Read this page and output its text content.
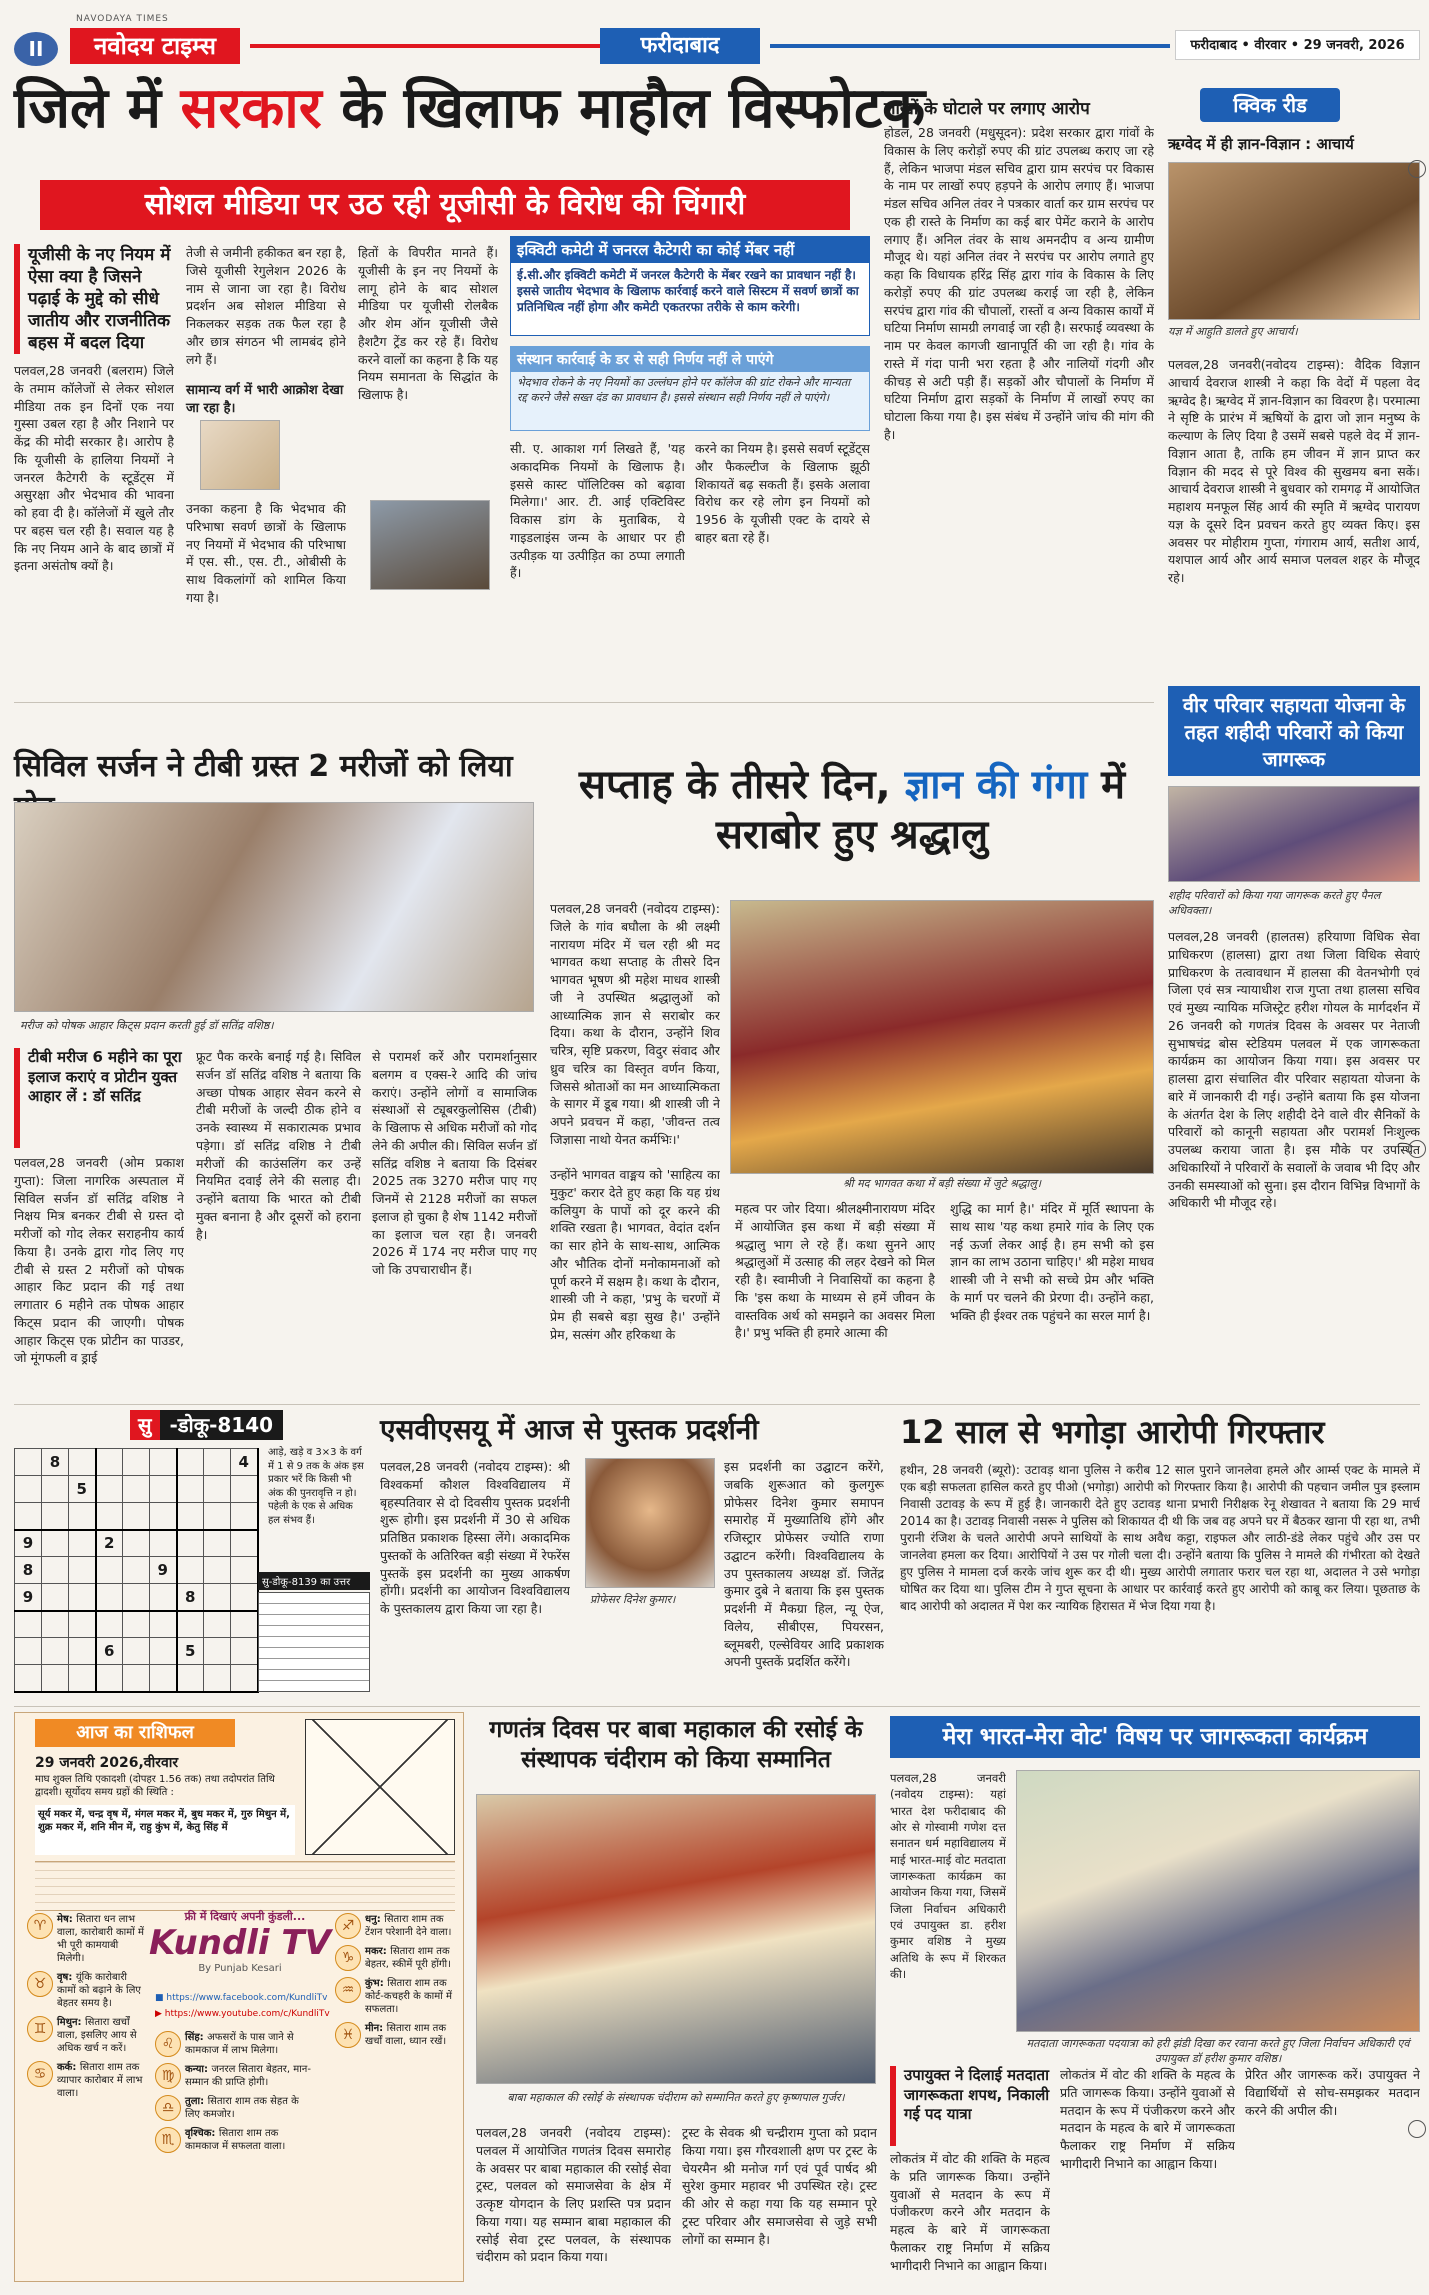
II
NAVODAYA TIMES
नवोदय टाइम्स	फरीदाबाद	फरीदाबाद • वीरवार • 29 जनवरी, 2026
जिले में सरकार के खिलाफ माहौल विस्फोटक
सोशल मीडिया पर उठ रही यूजीसी के विरोध की चिंगारी
यूजीसी के नए नियम में ऐसा क्या है जिसने पढ़ाई के मुद्दे को सीधे जातीय और राजनीतिक बहस में बदल दिया
पलवल,28 जनवरी (बलराम) जिले के तमाम कॉलेजों से लेकर सोशल मीडिया तक इन दिनों एक नया गुस्सा उबल रहा है और निशाने पर केंद्र की मोदी सरकार है। आरोप है कि यूजीसी के हालिया नियमों ने जनरल कैटेगरी के स्टूडेंट्स में असुरक्षा और भेदभाव की भावना को हवा दी है। कॉलेजों में खुले तौर पर बहस चल रही है। सवाल यह है कि नए नियम आने के बाद छात्रों में इतना असंतोष क्यों है।
तेजी से जमीनी हकीकत बन रहा है, जिसे यूजीसी रेगुलेशन 2026 के नाम से जाना जा रहा है। विरोध प्रदर्शन अब सोशल मीडिया से निकलकर सड़क तक फैल रहा है और छात्र संगठन भी लामबंद होने लगे हैं।
सामान्य वर्ग में भारी आक्रोश देखा जा रहा है।
उनका कहना है कि भेदभाव की परिभाषा सवर्ण छात्रों के खिलाफ नए नियमों में भेदभाव की परिभाषा में एस. सी., एस. टी., ओबीसी के साथ विकलांगों को शामिल किया गया है।
हितों के विपरीत मानते हैं। यूजीसी के इन नए नियमों के लागू होने के बाद सोशल मीडिया पर यूजीसी रोलबैक और शेम ऑन यूजीसी जैसे हैशटैग ट्रेंड कर रहे हैं। विरोध करने वालों का कहना है कि यह नियम समानता के सिद्धांत के खिलाफ है।
इक्विटी कमेटी में जनरल कैटेगरी का कोई मेंबर नहीं
ई.सी.और इक्विटी कमेटी में जनरल कैटेगरी के मेंबर रखने का प्रावधान नहीं है। इससे जातीय भेदभाव के खिलाफ कार्रवाई करने वाले सिस्टम में सवर्ण छात्रों का प्रतिनिधित्व नहीं होगा और कमेटी एकतरफा तरीके से काम करेगी।
संस्थान कार्रवाई के डर से सही निर्णय नहीं ले पाएंगे
भेदभाव रोकने के नए नियमों का उल्लंघन होने पर कॉलेज की ग्रांट रोकने और मान्यता रद्द करने जैसे सख्त दंड का प्रावधान है। इससे संस्थान सही निर्णय नहीं ले पाएंगे।
सी. ए. आकाश गर्ग लिखते हैं, 'यह अकादमिक नियमों के खिलाफ है। इससे कास्ट पॉलिटिक्स को बढ़ावा मिलेगा।' आर. टी. आई एक्टिविस्ट विकास डांग के मुताबिक, ये गाइडलाइंस जन्म के आधार पर ही उत्पीड़क या उत्पीड़ित का ठप्पा लगाती हैं।
करने का नियम है। इससे सवर्ण स्टूडेंट्स और फैकल्टीज के खिलाफ झूठी शिकायतें बढ़ सकती हैं। इसके अलावा विरोध कर रहे लोग इन नियमों को 1956 के यूजीसी एक्ट के दायरे से बाहर बता रहे हैं।
लाखों के घोटाले पर लगाए आरोप
होडल, 28 जनवरी (मधुसूदन): प्रदेश सरकार द्वारा गांवों के विकास के लिए करोड़ों रुपए की ग्रांट उपलब्ध कराए जा रहे हैं, लेकिन भाजपा मंडल सचिव द्वारा ग्राम सरपंच पर विकास के नाम पर लाखों रुपए हड़पने के आरोप लगाए हैं। भाजपा मंडल सचिव अनिल तंवर ने पत्रकार वार्ता कर ग्राम सरपंच पर एक ही रास्ते के निर्माण का कई बार पेमेंट कराने के आरोप लगाए हैं। अनिल तंवर के साथ अमनदीप व अन्य ग्रामीण मौजूद थे। यहां अनिल तंवर ने सरपंच पर आरोप लगाते हुए कहा कि विधायक हरिंद्र सिंह द्वारा गांव के विकास के लिए करोड़ों रुपए की ग्रांट उपलब्ध कराई जा रही है, लेकिन सरपंच द्वारा गांव की चौपालों, रास्तों व अन्य विकास कार्यों में घटिया निर्माण सामग्री लगवाई जा रही है। सरफाई व्यवस्था के नाम पर केवल कागजी खानापूर्ति की जा रही है। गांव के रास्ते में गंदा पानी भरा रहता है और नालियों गंदगी और कीचड़ से अटी पड़ी हैं। सड़कों और चौपालों के निर्माण में घटिया निर्माण द्वारा सड़कों के निर्माण में लाखों रुपए का घोटाला किया गया है। इस संबंध में उन्होंने जांच की मांग की है।
क्विक रीड
ऋग्वेद में ही ज्ञान-विज्ञान : आचार्य
यज्ञ में आहुति डालते हुए आचार्य।
पलवल,28 जनवरी(नवोदय टाइम्स): वैदिक विज्ञान आचार्य देवराज शास्त्री ने कहा कि वेदों में पहला वेद ऋग्वेद है। ऋग्वेद में ज्ञान-विज्ञान का विवरण है। परमात्मा ने सृष्टि के प्रारंभ में ऋषियों के द्वारा जो ज्ञान मनुष्य के कल्याण के लिए दिया है उसमें सबसे पहले वेद में ज्ञान-विज्ञान आता है, ताकि हम जीवन में ज्ञान प्राप्त कर विज्ञान की मदद से पूरे विश्व की सुखमय बना सकें। आचार्य देवराज शास्त्री ने बुधवार को रामगढ़ में आयोजित महाशय मनफूल सिंह आर्य की स्मृति में ऋग्वेद पारायण यज्ञ के दूसरे दिन प्रवचन करते हुए व्यक्त किए। इस अवसर पर मोहीराम गुप्ता, गंगाराम आर्य, सतीश आर्य, यशपाल आर्य और आर्य समाज पलवल शहर के मौजूद रहे।
वीर परिवार सहायता योजना के तहत शहीदी परिवारों को किया जागरूक
शहीद परिवारों को किया गया जागरूक करते हुए पैनल अधिवक्ता।
पलवल,28 जनवरी (हालतस) हरियाणा विधिक सेवा प्राधिकरण (हालसा) द्वारा तथा जिला विधिक सेवाएं प्राधिकरण के तत्वावधान में हालसा की वेतनभोगी एवं जिला एवं सत्र न्यायाधीश राज गुप्ता तथा हालसा सचिव एवं मुख्य न्यायिक मजिस्ट्रेट हरीश गोयल के मार्गदर्शन में 26 जनवरी को गणतंत्र दिवस के अवसर पर नेताजी सुभाषचंद्र बोस स्टेडियम पलवल में एक जागरूकता कार्यक्रम का आयोजन किया गया। इस अवसर पर हालसा द्वारा संचालित वीर परिवार सहायता योजना के बारे में जानकारी दी गई। उन्होंने बताया कि इस योजना के अंतर्गत देश के लिए शहीदी देने वाले वीर सैनिकों के परिवारों को कानूनी सहायता और परामर्श निःशुल्क उपलब्ध कराया जाता है। इस मौके पर उपस्थित अधिकारियों ने परिवारों के सवालों के जवाब भी दिए और उनकी समस्याओं को सुना। इस दौरान विभिन्न विभागों के अधिकारी भी मौजूद रहे।
सिविल सर्जन ने टीबी ग्रस्त 2 मरीजों को लिया
मरीज को पोषक आहार किट्स प्रदान करती हुई डॉ सतिंद्र वशिष्ठ।
टीबी मरीज 6 महीने का पूरा इलाज कराएं व प्रोटीन युक्त आहार लें : डॉ सतिंद्र
पलवल,28 जनवरी (ओम प्रकाश गुप्ता): जिला नागरिक अस्पताल में सिविल सर्जन डॉ सतिंद्र वशिष्ठ ने निक्षय मित्र बनकर टीबी से ग्रस्त दो मरीजों को गोद लेकर सराहनीय कार्य किया है। उनके द्वारा गोद लिए गए टीबी से ग्रस्त 2 मरीजों को पोषक आहार किट प्रदान की गई तथा लगातार 6 महीने तक पोषक आहार किट्स प्रदान की जाएगी। पोषक आहार किट्स एक प्रोटीन का पाउडर, जो मूंगफली व ड्राई
फ्रूट पैक करके बनाई गई है। सिविल सर्जन डॉ सतिंद्र वशिष्ठ ने बताया कि अच्छा पोषक आहार सेवन करने से टीबी मरीजों के जल्दी ठीक होने व उनके स्वास्थ्य में सकारात्मक प्रभाव पड़ेगा। डॉ सतिंद्र वशिष्ठ ने टीबी मरीजों की काउंसलिंग कर उन्हें नियमित दवाई लेने की सलाह दी। उन्होंने बताया कि भारत को टीबी मुक्त बनाना है और दूसरों को हराना है।
से परामर्श करें और परामर्शानुसार बलगम व एक्स-रे आदि की जांच कराएं। उन्होंने लोगों व सामाजिक संस्थाओं से ट्यूबरकुलोसिस (टीबी) के खिलाफ से अधिक मरीजों को गोद लेने की अपील की। सिविल सर्जन डॉ सतिंद्र वशिष्ठ ने बताया कि दिसंबर 2025 तक 3270 मरीज पाए गए जिनमें से 2128 मरीजों का सफल इलाज हो चुका है शेष 1142 मरीजों का इलाज चल रहा है। जनवरी 2026 में 174 नए मरीज पाए गए जो कि उपचाराधीन हैं।
सप्ताह के तीसरे दिन, ज्ञान की गंगा में सराबोर हुए श्रद्धालु
पलवल,28 जनवरी (नवोदय टाइम्स): जिले के गांव बघौला के श्री लक्ष्मी नारायण मंदिर में चल रही श्री मद भागवत कथा सप्ताह के तीसरे दिन भागवत भूषण श्री महेश माधव शास्त्री जी ने उपस्थित श्रद्धालुओं को आध्यात्मिक ज्ञान से सराबोर कर दिया। कथा के दौरान, उन्होंने शिव चरित्र, सृष्टि प्रकरण, विदुर संवाद और ध्रुव चरित्र का विस्तृत वर्णन किया, जिससे श्रोताओं का मन आध्यात्मिकता के सागर में डूब गया। श्री शास्त्री जी ने अपने प्रवचन में कहा, 'जीवन्त तत्व जिज्ञासा नाथो येनत कर्मभिः।'
श्री मद भागवत कथा में बड़ी संख्या में जुटे श्रद्धालु।
उन्होंने भागवत वाङ्मय को 'साहित्य का मुकुट' करार देते हुए कहा कि यह ग्रंथ कलियुग के पापों को दूर करने की शक्ति रखता है। भागवत, वेदांत दर्शन का सार होने के साथ-साथ, आत्मिक और भौतिक दोनों मनोकामनाओं को पूर्ण करने में सक्षम है। कथा के दौरान, शास्त्री जी ने कहा, 'प्रभु के चरणों में प्रेम ही सबसे बड़ा सुख है।' उन्होंने प्रेम, सत्संग और हरिकथा के
महत्व पर जोर दिया। श्रीलक्ष्मीनारायण मंदिर में आयोजित इस कथा में बड़ी संख्या में श्रद्धालु भाग ले रहे हैं। कथा सुनने आए श्रद्धालुओं में उत्साह की लहर देखने को मिल रही है। स्वामीजी ने निवासियों का कहना है कि 'इस कथा के माध्यम से हमें जीवन के वास्तविक अर्थ को समझने का अवसर मिला है।' प्रभु भक्ति ही हमारे आत्मा की
शुद्धि का मार्ग है।' मंदिर में मूर्ति स्थापना के साथ साथ 'यह कथा हमारे गांव के लिए एक नई ऊर्जा लेकर आई है। हम सभी को इस ज्ञान का लाभ उठाना चाहिए।' श्री महेश माधव शास्त्री जी ने सभी को सच्चे प्रेम और भक्ति के मार्ग पर चलने की प्रेरणा दी। उन्होंने कहा, भक्ति ही ईश्वर तक पहुंचने का सरल मार्ग है।
सु -डोकू-8140
	8							4
		5						

9			2					
8					9			
9						8		

			6			5		

आड़े, खड़े व 3×3 के वर्ग में 1 से 9 तक के अंक इस प्रकार भरें कि किसी भी अंक की पुनरावृत्ति न हो। पहेली के एक से अधिक हल संभव हैं।
सु-डोकू-8139 का उत्तर
एसवीएसयू में आज से पुस्तक प्रदर्शनी
पलवल,28 जनवरी (नवोदय टाइम्स): श्री विश्वकर्मा कौशल विश्वविद्यालय में बृहस्पतिवार से दो दिवसीय पुस्तक प्रदर्शनी शुरू होगी। इस प्रदर्शनी में 30 से अधिक प्रतिष्ठित प्रकाशक हिस्सा लेंगे। अकादमिक पुस्तकों के अतिरिक्त बड़ी संख्या में रेफरेंस पुस्तकें इस प्रदर्शनी का मुख्य आकर्षण होंगी। प्रदर्शनी का आयोजन विश्वविद्यालय के पुस्तकालय द्वारा किया जा रहा है।
प्रोफेसर दिनेश कुमार।
इस प्रदर्शनी का उद्घाटन करेंगे, जबकि शुरूआत को कुलगुरू प्रोफेसर दिनेश कुमार समापन समारोह में मुख्यातिथि होंगे और रजिस्ट्रार प्रोफेसर ज्योति राणा उद्घाटन करेंगी। विश्वविद्यालय के उप पुस्तकालय अध्यक्ष डॉ. जितेंद्र कुमार दुबे ने बताया कि इस पुस्तक प्रदर्शनी में मैकग्रा हिल, न्यू ऐज, विलेय, सीबीएस, पियरसन, ब्लूमबरी, एल्सेवियर आदि प्रकाशक अपनी पुस्तकें प्रदर्शित करेंगे।
12 साल से भगोड़ा आरोपी गिरफ्तार
हथीन, 28 जनवरी (ब्यूरो): उटावड़ थाना पुलिस ने करीब 12 साल पुराने जानलेवा हमले और आर्म्स एक्ट के मामले में एक बड़ी सफलता हासिल करते हुए पीओ (भगोड़ा) आरोपी को गिरफ्तार किया है। आरोपी की पहचान जमील पुत्र इस्लाम निवासी उटावड़ के रूप में हुई है। जानकारी देते हुए उटावड़ थाना प्रभारी निरीक्षक रेनू शेखावत ने बताया कि 29 मार्च 2014 का है। उटावड़ निवासी नसरू ने पुलिस को शिकायत दी थी कि जब वह अपने घर में बैठकर खाना पी रहा था, तभी पुरानी रंजिश के चलते आरोपी अपने साथियों के साथ अवैध कट्टा, राइफल और लाठी-डंडे लेकर पहुंचे और उस पर जानलेवा हमला कर दिया। आरोपियों ने उस पर गोली चला दी। उन्होंने बताया कि पुलिस ने मामले की गंभीरता को देखते हुए पुलिस ने मामला दर्ज करके जांच शुरू कर दी थी। मुख्य आरोपी लगातार फरार चल रहा था, अदालत ने उसे भगोड़ा घोषित कर दिया था। पुलिस टीम ने गुप्त सूचना के आधार पर कार्रवाई करते हुए आरोपी को काबू कर लिया। पूछताछ के बाद आरोपी को अदालत में पेश कर न्यायिक हिरासत में भेज दिया गया है।
आज का राशिफल
29 जनवरी 2026,वीरवार
माघ शुक्ल तिथि एकादशी (दोपहर 1.56 तक) तथा तदोपरांत तिथि द्वादशी। सूर्योदय समय ग्रहों की स्थिति :
सूर्य मकर में, चन्द्र वृष में, मंगल मकर में, बुध मकर में, गुरु मिथुन में, शुक्र मकर में, शनि मीन में, राहु कुंभ में, केतु सिंह में
Kundli TV
By Punjab Kesari
फ्री में दिखाएं अपनी कुंडली...
■ https://www.facebook.com/KundliTv
▶ https://www.youtube.com/c/KundliTv
♈	मेष: सितारा धन लाभ वाला, कारोबारी कामों में भी पूरी कामयाबी मिलेगी।
♉	वृष: यूंकि कारोबारी कामों को बढ़ाने के लिए बेहतर समय है।
♊	मिथुन: सितारा खर्चों वाला, इसलिए आय से अधिक खर्च न करें।
♋	कर्क: सितारा शाम तक व्यापार कारोबार में लाभ वाला।
♌	सिंह: अफसरों के पास जाने से कामकाज में लाभ मिलेगा।
♍	कन्या: जनरल सितारा बेहतर, मान-सम्मान की प्राप्ति होगी।
♎	तुला: सितारा शाम तक सेहत के लिए कमजोर।
♏	वृश्चिक: सितारा शाम तक कामकाज में सफलता वाला।
♐	धनु: सितारा शाम तक टेंशन परेशानी देने वाला।
♑	मकर: सितारा शाम तक बेहतर, स्कीमें पूरी होंगी।
♒	कुंभ: सितारा शाम तक कोर्ट-कचहरी के कामों में सफलता।
♓	मीन: सितारा शाम तक खर्चों वाला, ध्यान रखें।
गणतंत्र दिवस पर बाबा महाकाल की रसोई के संस्थापक चंदीराम को किया सम्मानित
बाबा महाकाल की रसोई के संस्थापक चंदीराम को सम्मानित करते हुए कृष्णपाल गुर्जर।
पलवल,28 जनवरी (नवोदय टाइम्स): पलवल में आयोजित गणतंत्र दिवस समारोह के अवसर पर बाबा महाकाल की रसोई सेवा ट्रस्ट, पलवल को समाजसेवा के क्षेत्र में उत्कृष्ट योगदान के लिए प्रशस्ति पत्र प्रदान किया गया। यह सम्मान बाबा महाकाल की रसोई सेवा ट्रस्ट पलवल, के संस्थापक चंदीराम को प्रदान किया गया।
ट्रस्ट के सेवक श्री चन्द्रीराम गुप्ता को प्रदान किया गया। इस गौरवशाली क्षण पर ट्रस्ट के चेयरमैन श्री मनोज गर्ग एवं पूर्व पार्षद श्री सुरेश कुमार महावर भी उपस्थित रहे। ट्रस्ट की ओर से कहा गया कि यह सम्मान पूरे ट्रस्ट परिवार और समाजसेवा से जुड़े सभी लोगों का सम्मान है।
मेरा भारत-मेरा वोट' विषय पर जागरूकता कार्यक्रम
पलवल,28 जनवरी (नवोदय टाइम्स): यहां भारत देश फरीदाबाद की ओर से गोस्वामी गणेश दत्त सनातन धर्म महाविद्यालय में माई भारत-माई वोट मतदाता जागरूकता कार्यक्रम का आयोजन किया गया, जिसमें जिला निर्वाचन अधिकारी एवं उपायुक्त डा. हरीश कुमार वशिष्ठ ने मुख्य अतिथि के रूप में शिरकत की।
मतदाता जागरूकता पदयात्रा को हरी झंडी दिखा कर रवाना करते हुए जिला निर्वाचन अधिकारी एवं उपायुक्त डॉ हरीश कुमार वशिष्ठ।
उपायुक्त ने दिलाई मतदाता जागरूकता शपथ, निकाली गई पद यात्रा
लोकतंत्र में वोट की शक्ति के महत्व के प्रति जागरूक किया। उन्होंने युवाओं से मतदान के रूप में पंजीकरण करने और मतदान के महत्व के बारे में जागरूकता फैलाकर राष्ट्र निर्माण में सक्रिय भागीदारी निभाने का आह्वान किया।
लोकतंत्र में वोट की शक्ति के महत्व के प्रति जागरूक किया। उन्होंने युवाओं से मतदान के रूप में पंजीकरण करने और मतदान के महत्व के बारे में जागरूकता फैलाकर राष्ट्र निर्माण में सक्रिय भागीदारी निभाने का आह्वान किया।
प्रेरित और जागरूक करें। उपायुक्त ने विद्यार्थियों से सोच-समझकर मतदान करने की अपील की।
